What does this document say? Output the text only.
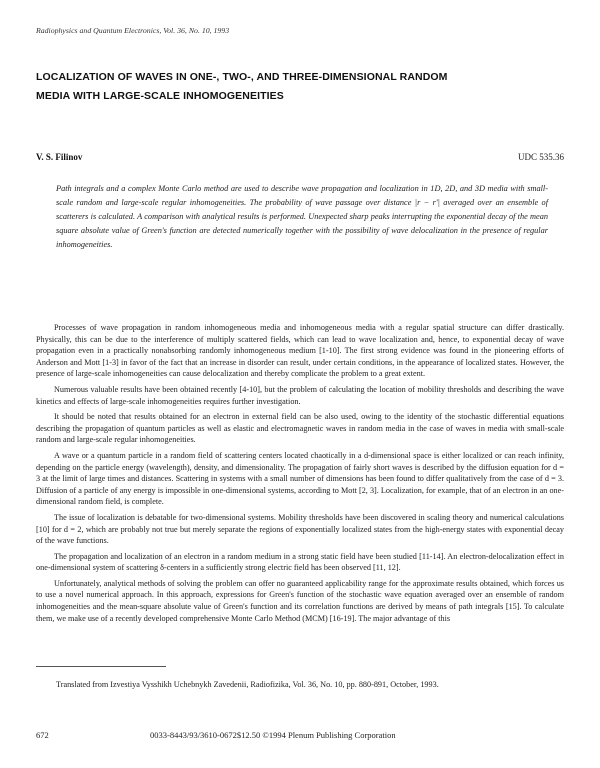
Radiophysics and Quantum Electronics, Vol. 36, No. 10, 1993
LOCALIZATION OF WAVES IN ONE-, TWO-, AND THREE-DIMENSIONAL RANDOM MEDIA WITH LARGE-SCALE INHOMOGENEITIES
V. S. Filinov	UDC 535.36
Path integrals and a complex Monte Carlo method are used to describe wave propagation and localization in 1D, 2D, and 3D media with small-scale random and large-scale regular inhomogeneities. The probability of wave passage over distance |r − r'| averaged over an ensemble of scatterers is calculated. A comparison with analytical results is performed. Unexpected sharp peaks interrupting the exponential decay of the mean square absolute value of Green's function are detected numerically together with the possibility of wave delocalization in the presence of regular inhomogeneities.

Processes of wave propagation in random inhomogeneous media and inhomogeneous media with a regular spatial structure can differ drastically. Physically, this can be due to the interference of multiply scattered fields, which can lead to wave localization and, hence, to exponential decay of wave propagation even in a practically nonabsorbing randomly inhomogeneous medium [1-10]. The first strong evidence was found in the pioneering efforts of Anderson and Mott [1-3] in favor of the fact that an increase in disorder can result, under certain conditions, in the appearance of localized states. However, the presence of large-scale inhomogeneities can cause delocalization and thereby complicate the problem to a great extent.

Numerous valuable results have been obtained recently [4-10], but the problem of calculating the location of mobility thresholds and describing the wave kinetics and effects of large-scale inhomogeneities requires further investigation.

It should be noted that results obtained for an electron in external field can be also used, owing to the identity of the stochastic differential equations describing the propagation of quantum particles as well as elastic and electromagnetic waves in random media in the case of waves in media with small-scale random and large-scale regular inhomogeneities.

A wave or a quantum particle in a random field of scattering centers located chaotically in a d-dimensional space is either localized or can reach infinity, depending on the particle energy (wavelength), density, and dimensionality. The propagation of fairly short waves is described by the diffusion equation for d = 3 at the limit of large times and distances. Scattering in systems with a small number of dimensions has been found to differ qualitatively from the case of d = 3. Diffusion of a particle of any energy is impossible in one-dimensional systems, according to Mott [2, 3]. Localization, for example, that of an electron in an one-dimensional random field, is complete.

The issue of localization is debatable for two-dimensional systems. Mobility thresholds have been discovered in scaling theory and numerical calculations [10] for d = 2, which are probably not true but merely separate the regions of exponentially localized states from the high-energy states with exponential decay of the wave functions.

The propagation and localization of an electron in a random medium in a strong static field have been studied [11-14]. An electron-delocalization effect in one-dimensional system of scattering δ-centers in a sufficiently strong electric field has been observed [11, 12].

Unfortunately, analytical methods of solving the problem can offer no guaranteed applicability range for the approximate results obtained, which forces us to use a novel numerical approach. In this approach, expressions for Green's function of the stochastic wave equation averaged over an ensemble of random inhomogeneities and the mean-square absolute value of Green's function and its correlation functions are derived by means of path integrals [15]. To calculate them, we make use of a recently developed comprehensive Monte Carlo Method (MCM) [16-19]. The major advantage of this

Translated from Izvestiya Vysshikh Uchebnykh Zavedenii, Radiofizika, Vol. 36, No. 10, pp. 880-891, October, 1993.
672	0033-8443/93/3610-0672$12.50 ©1994 Plenum Publishing Corporation
